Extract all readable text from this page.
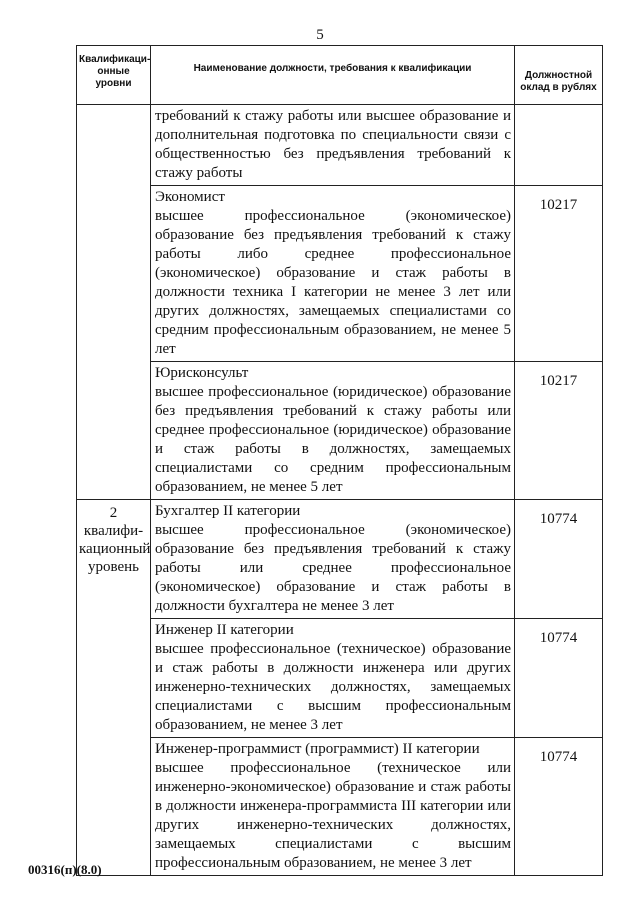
5
Квалификаци-онные уровни	Наименование должности, требования к квалификации	Должностной оклад в рублях

	требований к стажу работы или высшее образование и дополнительная подготовка по специальности связи с общественностью без предъявления требований к стажу работы	

	Экономист
высшее профессиональное (экономическое) образование без предъявления требований к стажу работы либо среднее профессиональное (экономическое) образование и стаж работы в должности техника I категории не менее 3 лет или других должностях, замещаемых специалистами со средним профессиональным образованием, не менее 5 лет	10217

	Юрисконсульт
высшее профессиональное (юридическое) образование без предъявления требований к стажу работы или среднее профессиональное (юридическое) образование и стаж работы в должностях, замещаемых специалистами со средним профессиональным образованием, не менее 5 лет	10217
2 квалифи-кационный уровень	Бухгалтер II категории
высшее профессиональное (экономическое) образование без предъявления требований к стажу работы или среднее профессиональное (экономическое) образование и стаж работы в должности бухгалтера не менее 3 лет	10774

	Инженер II категории
высшее профессиональное (техническое) образование и стаж работы в должности инженера или других инженерно-технических должностях, замещаемых специалистами с высшим профессиональным образованием, не менее 3 лет	10774

	Инженер-программист (программист) II категории
высшее профессиональное (техническое или инженерно-экономическое) образование и стаж работы в должности инженера-программиста III категории или других инженерно-технических должностях, замещаемых специалистами с высшим профессиональным образованием, не менее 3 лет	10774
00316(п)(8.0)
